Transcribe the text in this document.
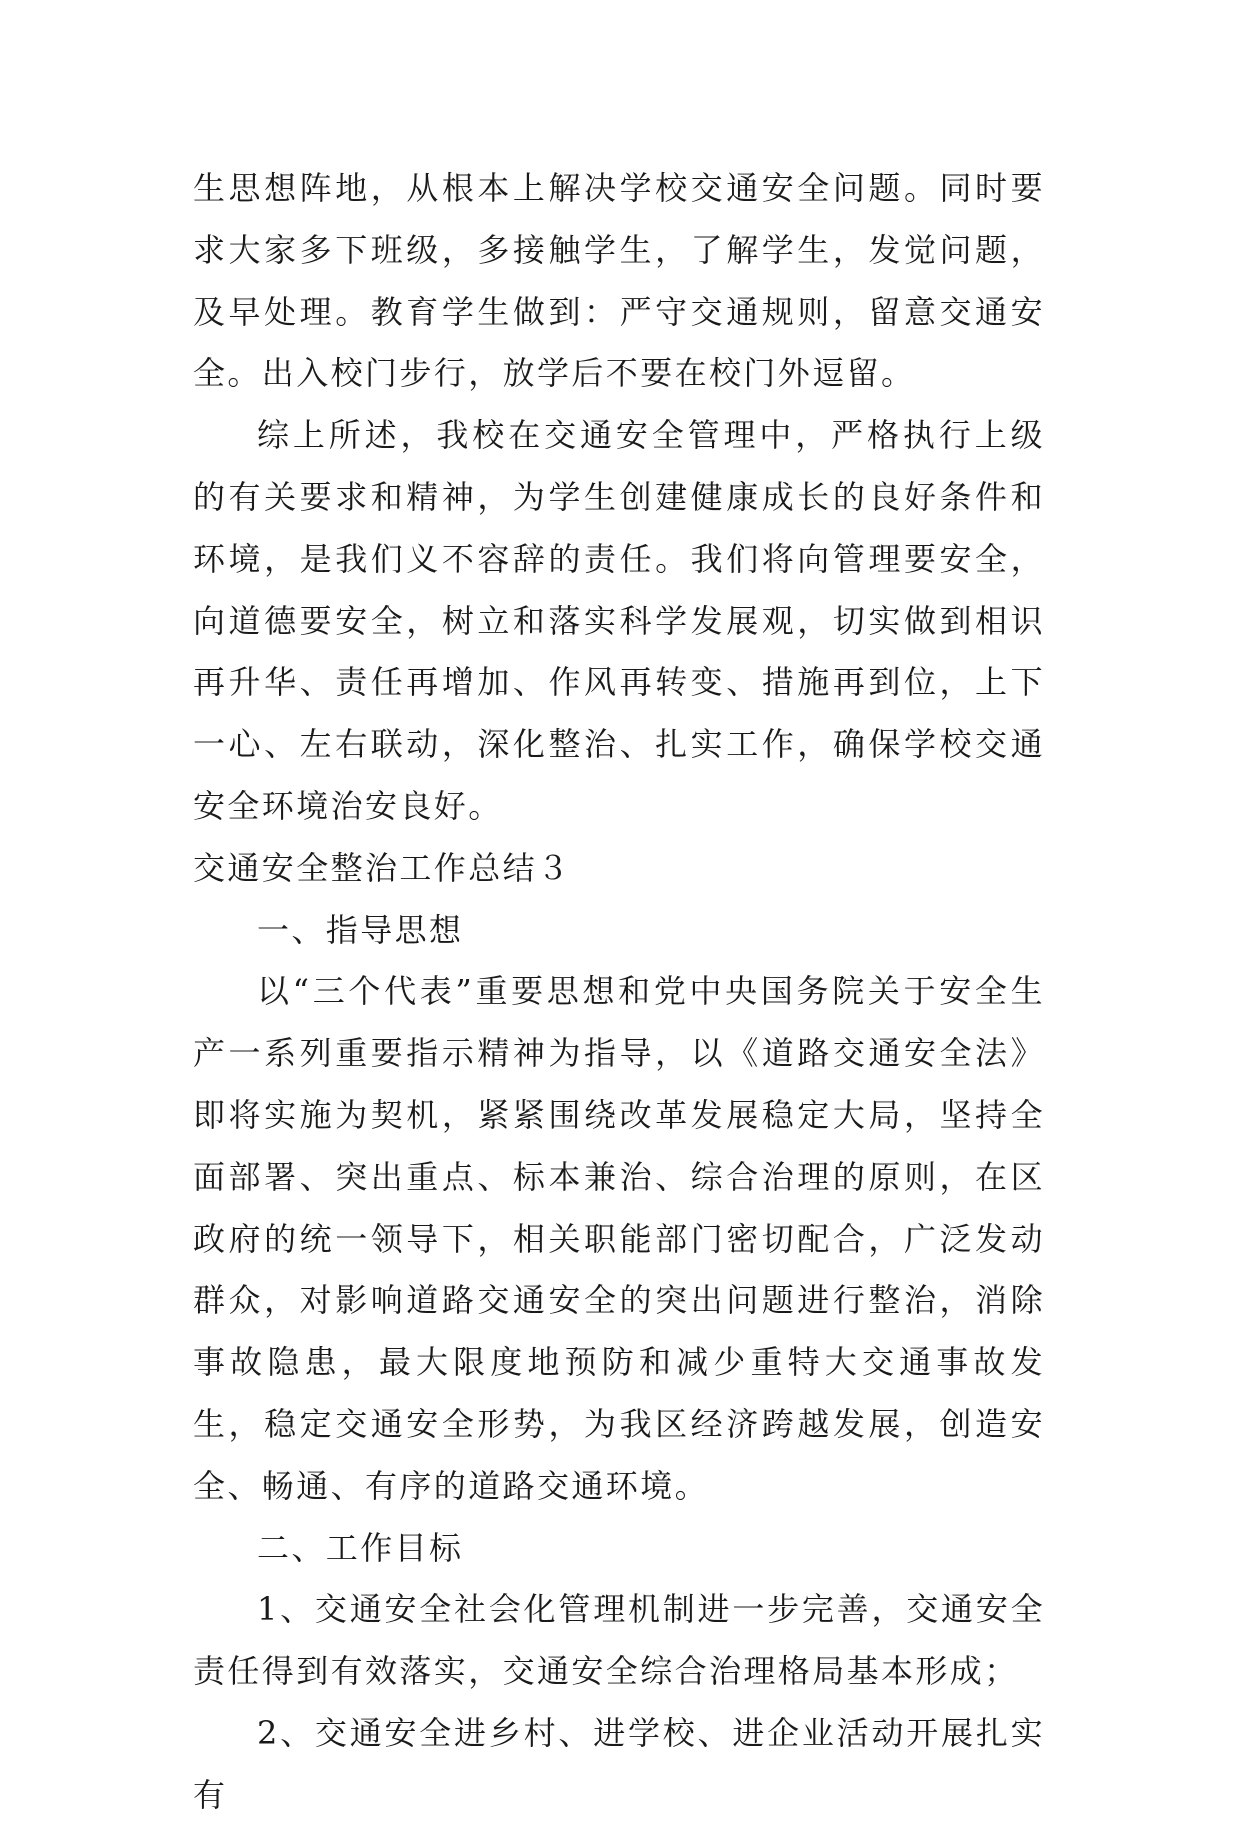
生思想阵地，从根本上解决学校交通安全问题。同时要求大家多下班级，多接触学生，了解学生，发觉问题，及早处理。教育学生做到：严守交通规则，留意交通安全。出入校门步行，放学后不要在校门外逗留。

综上所述，我校在交通安全管理中，严格执行上级的有关要求和精神，为学生创建健康成长的良好条件和环境，是我们义不容辞的责任。我们将向管理要安全，向道德要安全，树立和落实科学发展观，切实做到相识再升华、责任再增加、作风再转变、措施再到位，上下一心、左右联动，深化整治、扎实工作，确保学校交通安全环境治安良好。

交通安全整治工作总结３

一、指导思想

以“三个代表”重要思想和党中央国务院关于安全生产一系列重要指示精神为指导，以《道路交通安全法》即将实施为契机，紧紧围绕改革发展稳定大局，坚持全面部署、突出重点、标本兼治、综合治理的原则，在区政府的统一领导下，相关职能部门密切配合，广泛发动群众，对影响道路交通安全的突出问题进行整治，消除事故隐患，最大限度地预防和减少重特大交通事故发生，稳定交通安全形势，为我区经济跨越发展，创造安全、畅通、有序的道路交通环境。

二、工作目标

1、交通安全社会化管理机制进一步完善，交通安全责任得到有效落实，交通安全综合治理格局基本形成；

2、交通安全进乡村、进学校、进企业活动开展扎实有
